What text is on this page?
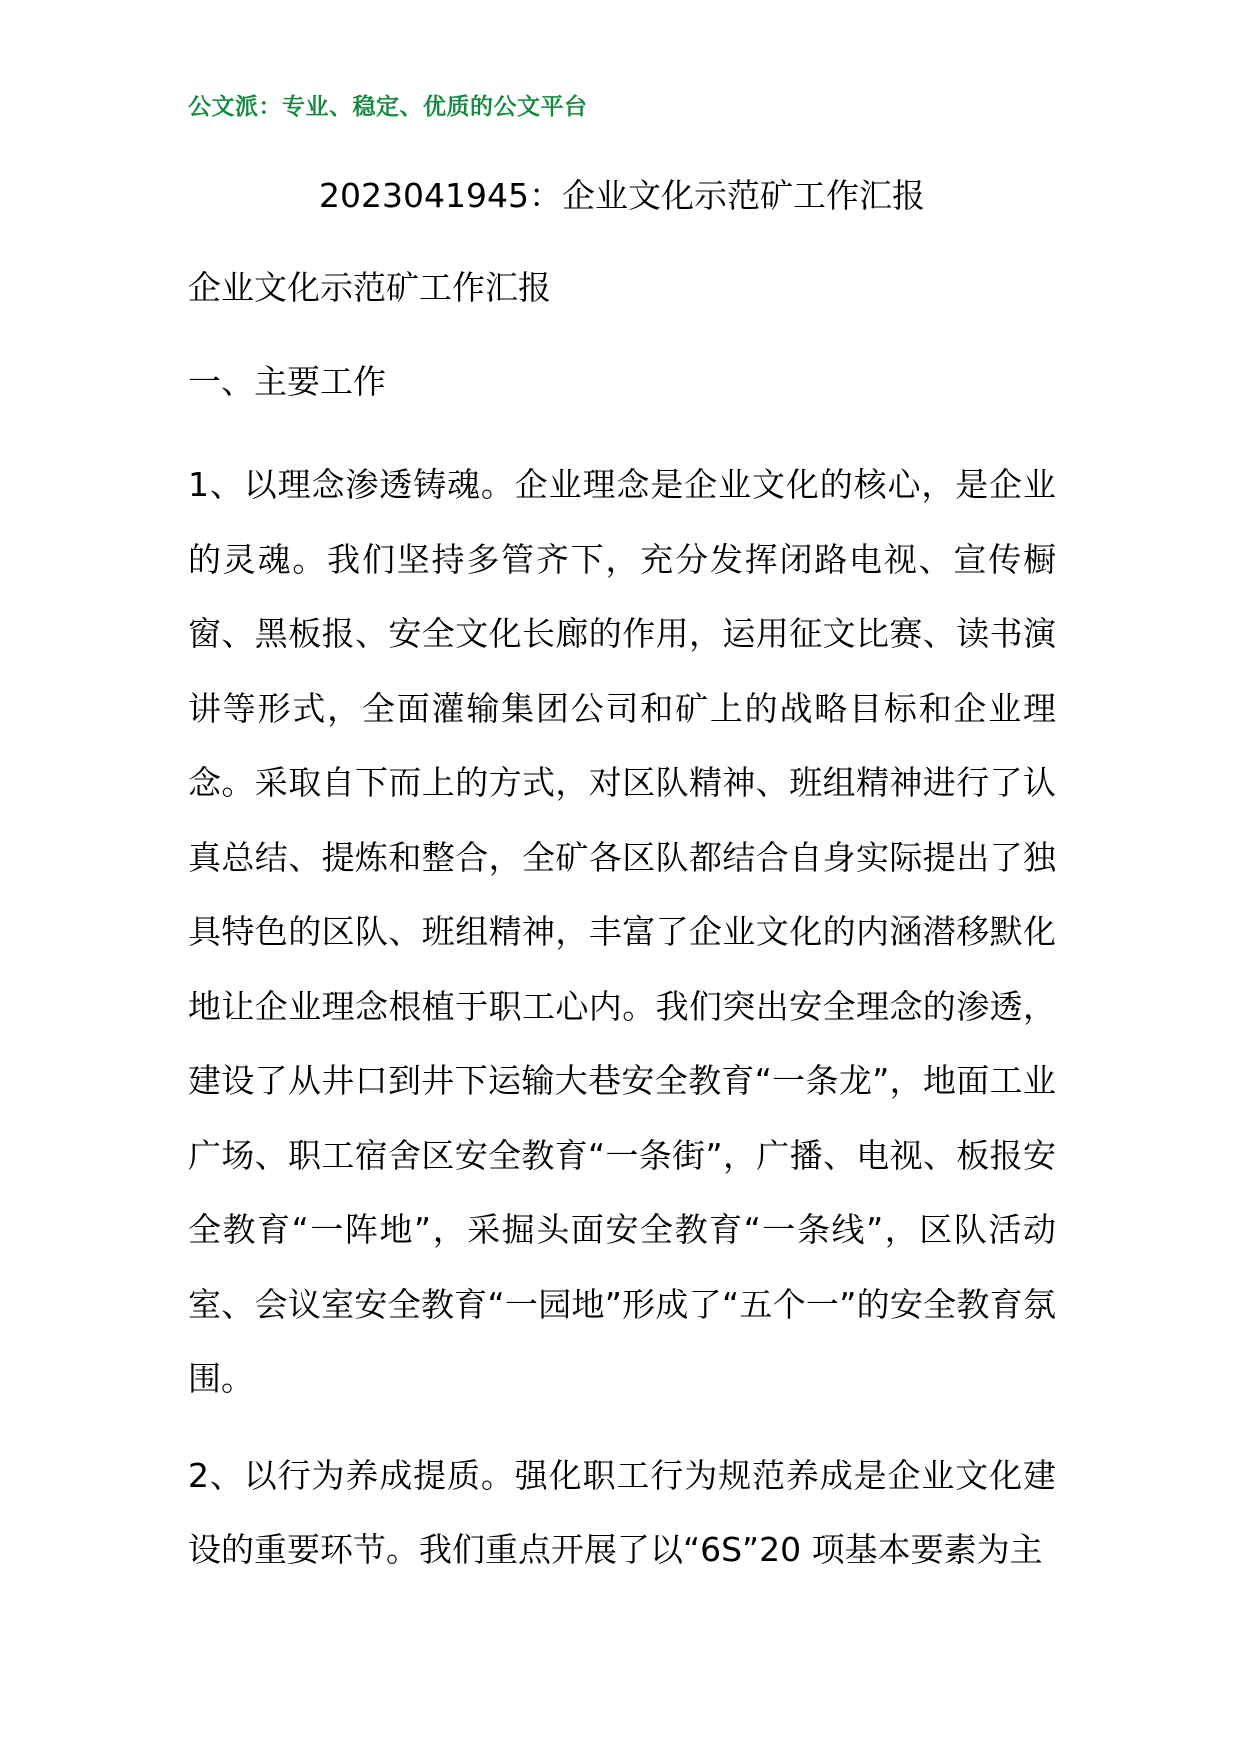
公文派：专业、稳定、优质的公文平台
2023041945：企业文化示范矿工作汇报
企业文化示范矿工作汇报
一、主要工作

1、以理念渗透铸魂。企业理念是企业文化的核心，是企业的灵魂。我们坚持多管齐下，充分发挥闭路电视、宣传橱窗、黑板报、安全文化长廊的作用，运用征文比赛、读书演讲等形式，全面灌输集团公司和矿上的战略目标和企业理念。采取自下而上的方式，对区队精神、班组精神进行了认真总结、提炼和整合，全矿各区队都结合自身实际提出了独具特色的区队、班组精神，丰富了企业文化的内涵潜移默化地让企业理念根植于职工心内。我们突出安全理念的渗透，建设了从井口到井下运输大巷安全教育“一条龙”，地面工业广场、职工宿舍区安全教育“一条街”，广播、电视、板报安全教育“一阵地”，采掘头面安全教育“一条线”，区队活动室、会议室安全教育“一园地”形成了“五个一”的安全教育氛围。

2、以行为养成提质。强化职工行为规范养成是企业文化建设的重要环节。我们重点开展了以“6S”20 项基本要素为主
